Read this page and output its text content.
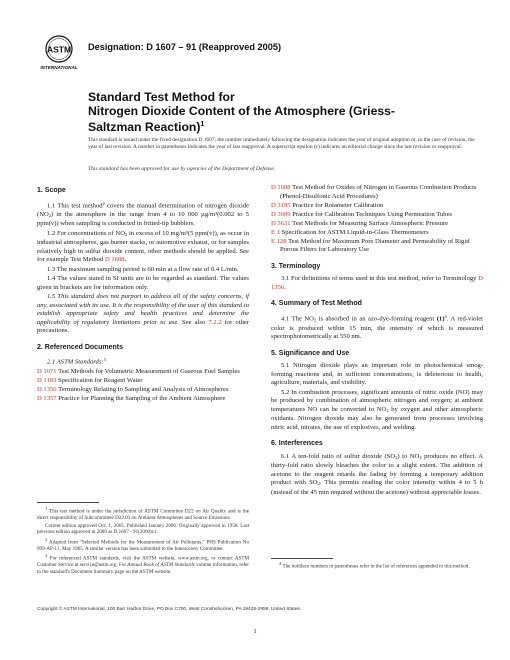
ASTM
INTERNATIONAL
Designation: D 1607 – 91 (Reapproved 2005)
Standard Test Method for
Nitrogen Dioxide Content of the Atmosphere (Griess-
Saltzman Reaction)$^1$
This standard is issued under the fixed designation D 1607; the number immediately following the designation indicates the year of original adoption or, in the case of revision, the year of last revision. A number in parentheses indicates the year of last reapproval. A superscript epsilon (ε) indicates an editorial change since the last revision or reapproval.
This standard has been approved for use by agencies of the Department of Defense.
1. Scope

1.1 This test method$^2$ covers the manual determination of nitrogen dioxide (NO2) in the atmosphere in the range from 4 to 10 000 µg/m³(0.002 to 5 ppm(v)) when sampling is conducted in fritted-tip bubblers.

1.2 For concentrations of NO2 in excess of 10 mg/m³(5 ppm(v)), as occur in industrial atmospheres, gas burner stacks, or automotive exhaust, or for samples relatively high in sulfur dioxide content, other methods should be applied. See for example Test Method D 1608.

1.3 The maximum sampling period is 60 min at a flow rate of 0.4 L/min.

1.4 The values stated in SI units are to be regarded as standard. The values given in brackets are for information only.

1.5 This standard does not purport to address all of the safety concerns, if any, associated with its use. It is the responsibility of the user of this standard to establish appropriate safety and health practices and determine the applicability of regulatory limitations prior to use. See also 7.2.2 for other precautions.

2. Referenced Documents

2.1 ASTM Standards:$^3$

D 1071 Test Methods for Volumetric Measurement of Gaseous Fuel Samples
D 1193 Specification for Reagent Water
D 1356 Terminology Relating to Sampling and Analysis of Atmospheres
D 1357 Practice for Planning the Sampling of the Ambient Atmosphere
D 1608 Test Method for Oxides of Nitrogen in Gaseous Combustion Products (Phenol-Disulfonic Acid Procedures)
D 3195 Practice for Rotameter Calibration
D 3609 Practice for Calibration Techniques Using Permeation Tubes
D 3631 Test Methods for Measuring Surface Atmospheric Pressure
E 1 Specification for ASTM Liquid-in-Glass Thermometers
E 128 Test Method for Maximum Pore Diameter and Permeability of Rigid Porous Filters for Laboratory Use
3. Terminology

3.1 For definitions of terms used in this test method, refer to Terminology D 1356.

4. Summary of Test Method

4.1 The NO2 is absorbed in an azo-dye-forming reagent $(1)^4$. A red-violet color is produced within 15 min, the intensity of which is measured spectrophotometrically at 550 nm.

5. Significance and Use

5.1 Nitrogen dioxide plays an important role in photochemical smog-forming reactions and, in sufficient concentrations, is deleterious to health, agriculture, materials, and visibility.

5.2 In combustion processes, significant amounts of nitric oxide (NO) may be produced by combination of atmospheric nitrogen and oxygen; at ambient temperatures NO can be converted to NO2 by oxygen and other atmospheric oxidants. Nitrogen dioxide may also be generated from processes involving nitric acid, nitrates, the use of explosives, and welding.

6. Interferences

6.1 A ten-fold ratio of sulfur dioxide (SO2) to NO2 produces no effect. A thirty-fold ratio slowly bleaches the color to a slight extent. The addition of acetone to the reagent retards the fading by forming a temporary addition product with SO2. This permits reading the color intensity within 4 to 5 h (instead of the 45 min required without the acetone) without appreciable losses.

$^1$ This test method is under the jurisdiction of ASTM Committee D22 on Air Quality and is the direct responsibility of Subcommittee D22.03 on Ambient Atmospheres and Source Emissions.

Current edition approved Oct. 1, 2005. Published January 2006. Originally approved in 1958. Last previous edition approved in 2000 as D 1607 - 91(2000)ε1.

$^2$ Adapted from "Selected Methods for the Measurement of Air Pollutants," PHS Publication No 999-AP-11, May 1965. A similar version has been submitted to the Intersociety Committee.

$^3$ For referenced ASTM standards, visit the ASTM website, www.astm.org, or contact ASTM Customer Service at service@astm.org. For Annual Book of ASTM Standards volume information, refer to the standard's Document Summary page on the ASTM website.

$^4$ The boldface numbers in parentheses refer to the list of references appended to this method.
Copyright © ASTM International, 100 Barr Harbor Drive, PO Box C700, West Conshohocken, PA 19428-2959, United States.
1
